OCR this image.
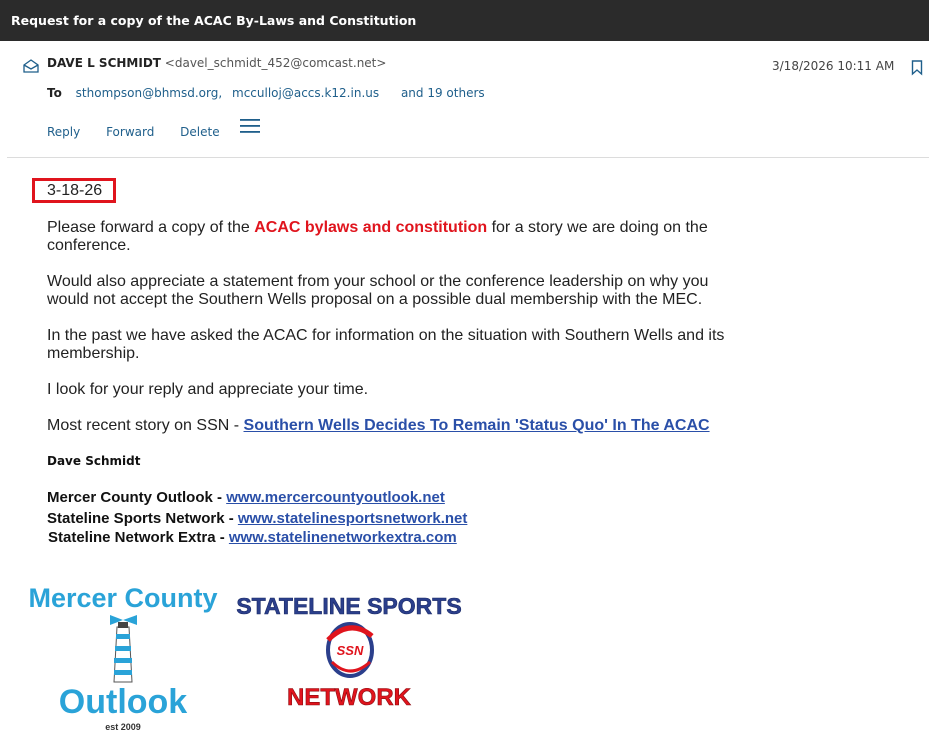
Request for a copy of the ACAC By-Laws and Constitution
DAVE L SCHMIDT <davel_schmidt_452@comcast.net>	3/18/2026 10:11 AM
To sthompson@bhmsd.org, mcculloj@accs.k12.in.us and 19 others
Reply Forward Delete
3-18-26
Please forward a copy of the ACAC bylaws and constitution for a story we are doing on the conference.
Would also appreciate a statement from your school or the conference leadership on why you would not accept the Southern Wells proposal on a possible dual membership with the MEC.
In the past we have asked the ACAC for information on the situation with Southern Wells and its membership.
I look for your reply and appreciate your time.
Most recent story on SSN - Southern Wells Decides To Remain 'Status Quo' In The ACAC
Dave Schmidt
Mercer County Outlook - www.mercercountyoutlook.net
Stateline Sports Network - www.statelinesportsnetwork.net
Stateline Network Extra - www.statelinenetworkextra.com
Mercer County
Outlook
est 2009
STATELINE SPORTS
SSN
NETWORK
